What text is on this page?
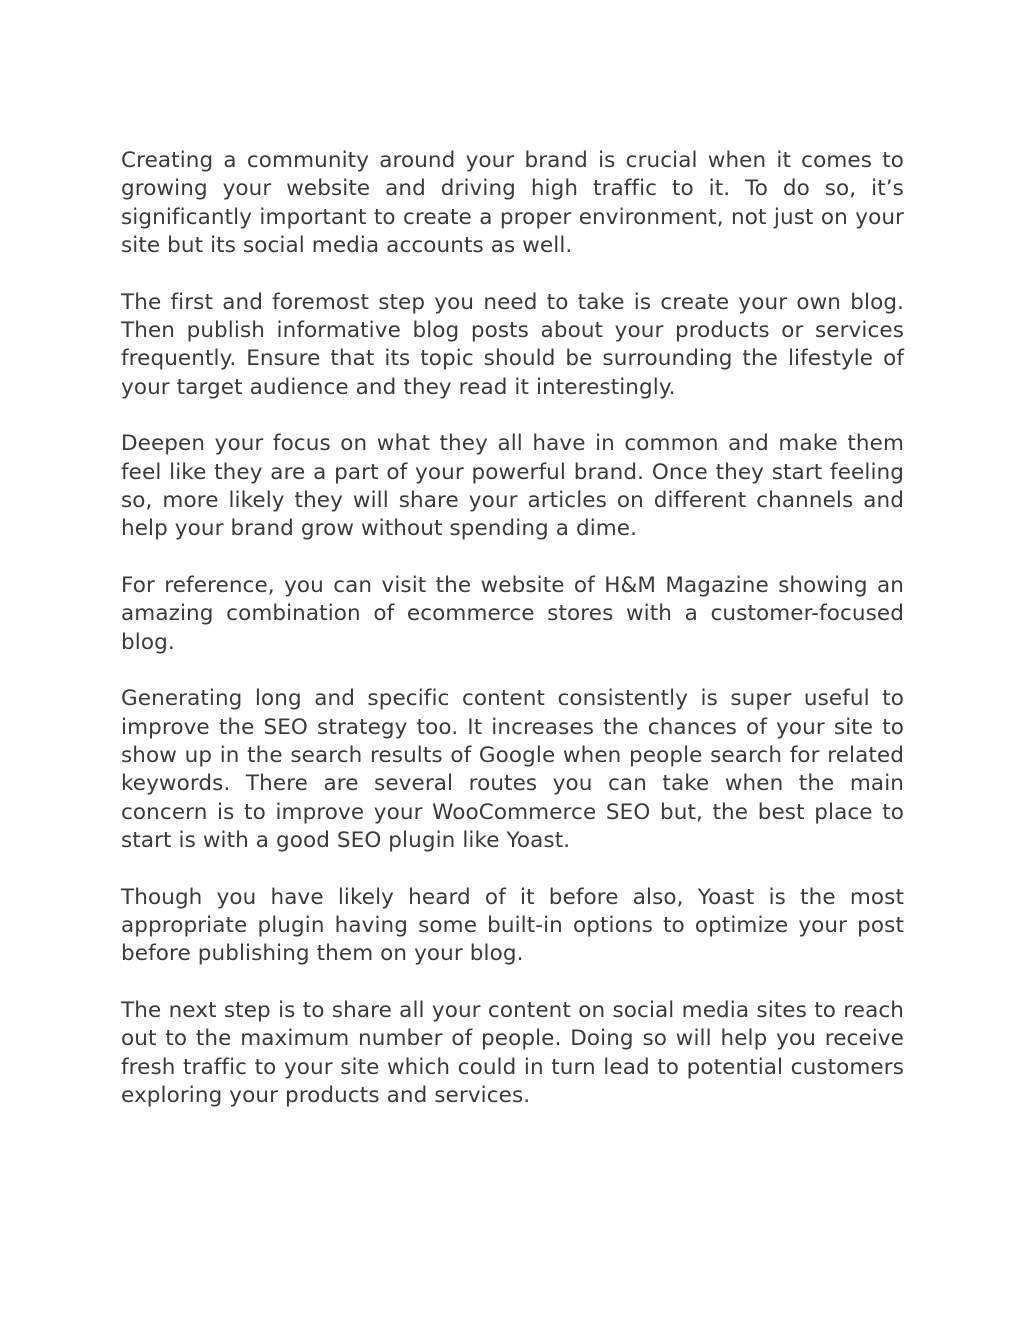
Creating a community around your brand is crucial when it comes to growing your website and driving high traffic to it. To do so, it’s significantly important to create a proper environment, not just on your site but its social media accounts as well.

The first and foremost step you need to take is create your own blog. Then publish informative blog posts about your products or services frequently. Ensure that its topic should be surrounding the lifestyle of your target audience and they read it interestingly.

Deepen your focus on what they all have in common and make them feel like they are a part of your powerful brand. Once they start feeling so, more likely they will share your articles on different channels and help your brand grow without spending a dime.

For reference, you can visit the website of H&M Magazine showing an amazing combination of ecommerce stores with a customer-focused blog.

Generating long and specific content consistently is super useful to improve the SEO strategy too. It increases the chances of your site to show up in the search results of Google when people search for related keywords. There are several routes you can take when the main concern is to improve your WooCommerce SEO but, the best place to start is with a good SEO plugin like Yoast.

Though you have likely heard of it before also, Yoast is the most appropriate plugin having some built-in options to optimize your post before publishing them on your blog.

The next step is to share all your content on social media sites to reach out to the maximum number of people. Doing so will help you receive fresh traffic to your site which could in turn lead to potential customers exploring your products and services.
